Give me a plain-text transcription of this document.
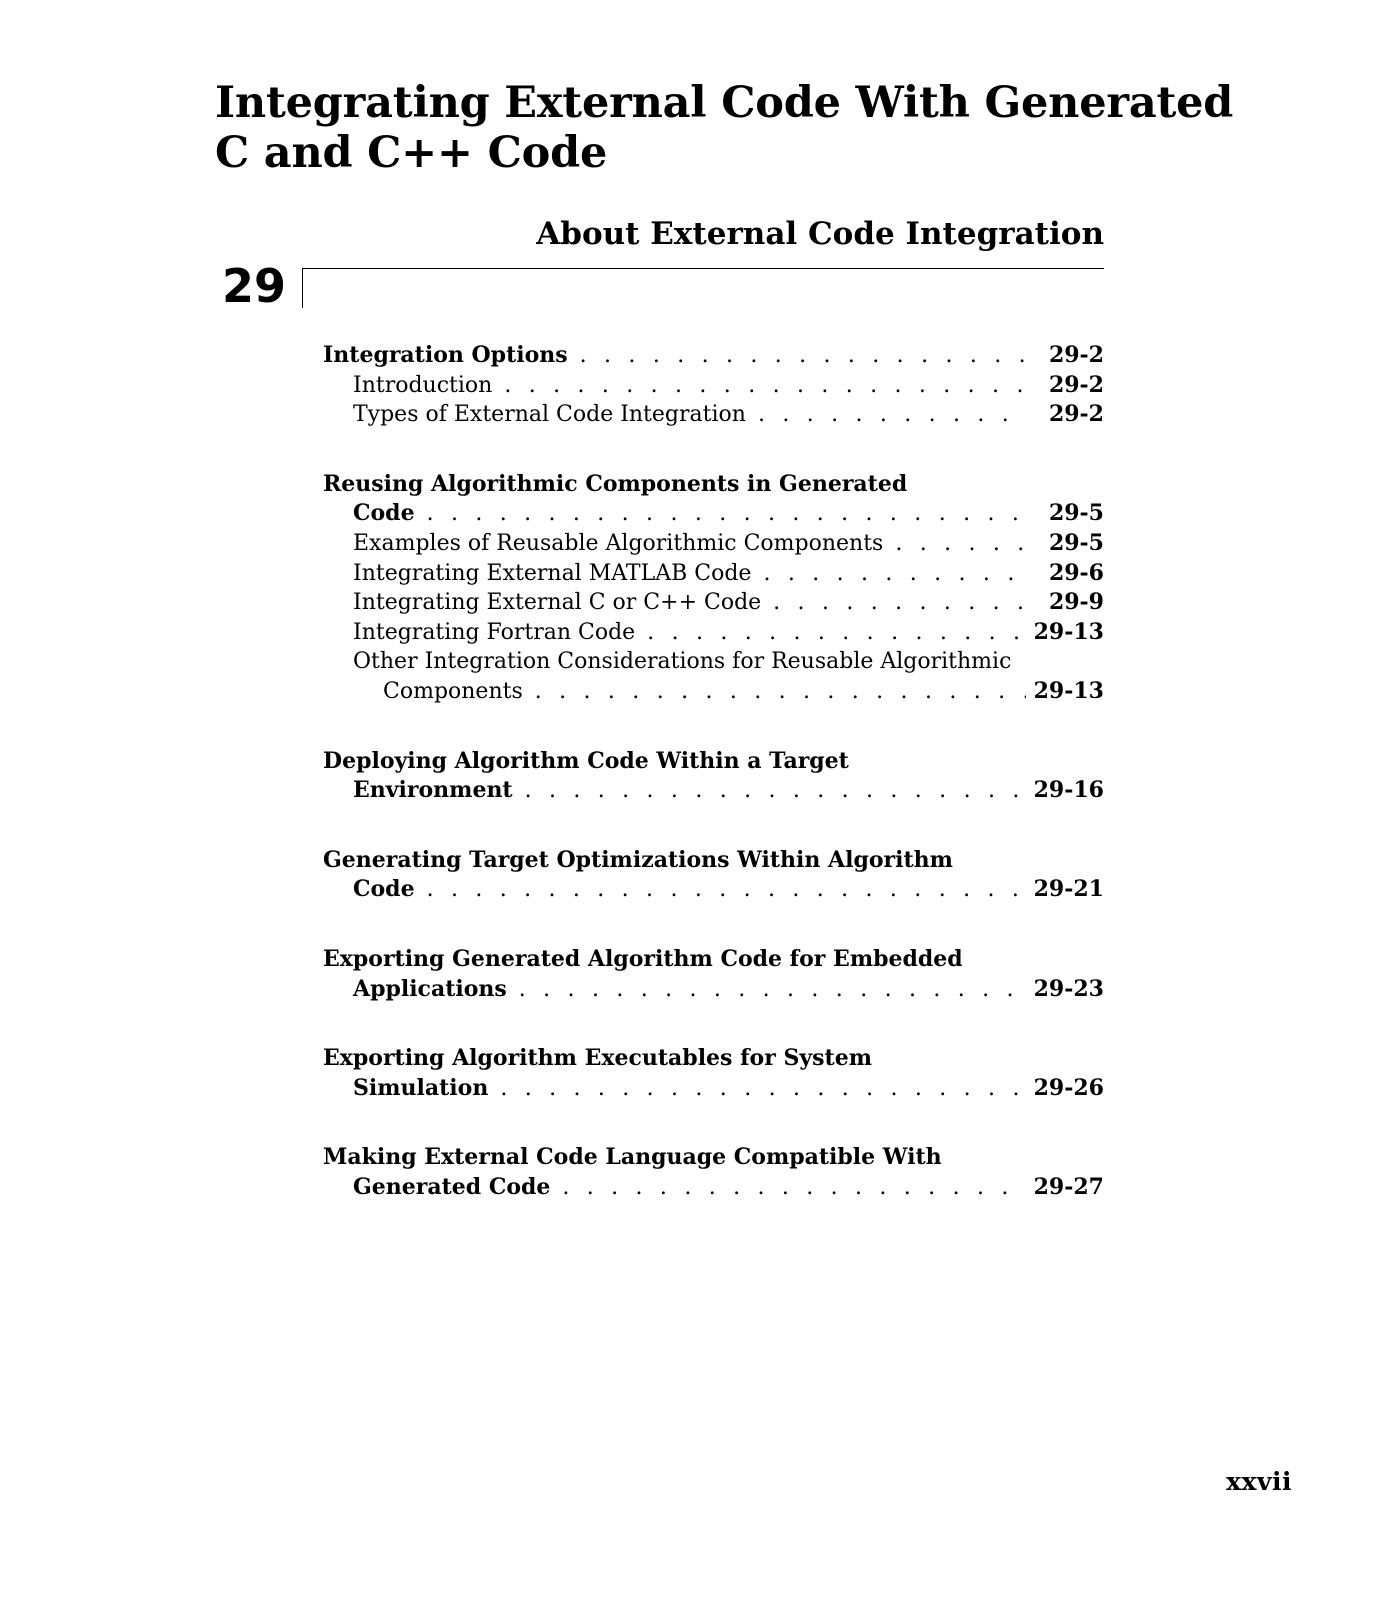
Integrating External Code With Generated
C and C++ Code
About External Code Integration
29
Integration Options . . .	29-2
Introduction . . .	29-2
Types of External Code Integration . . .	29-2
Reusing Algorithmic Components in Generated
Code . . .	29-5
Examples of Reusable Algorithmic Components . . .	29-5
Integrating External MATLAB Code . . .	29-6
Integrating External C or C++ Code . . .	29-9
Integrating Fortran Code . . .	29-13
Other Integration Considerations for Reusable Algorithmic
Components . . .	29-13
Deploying Algorithm Code Within a Target
Environment . . .	29-16
Generating Target Optimizations Within Algorithm
Code . . .	29-21
Exporting Generated Algorithm Code for Embedded
Applications . . .	29-23
Exporting Algorithm Executables for System
Simulation . . .	29-26
Making External Code Language Compatible With
Generated Code . . .	29-27
xxvii
